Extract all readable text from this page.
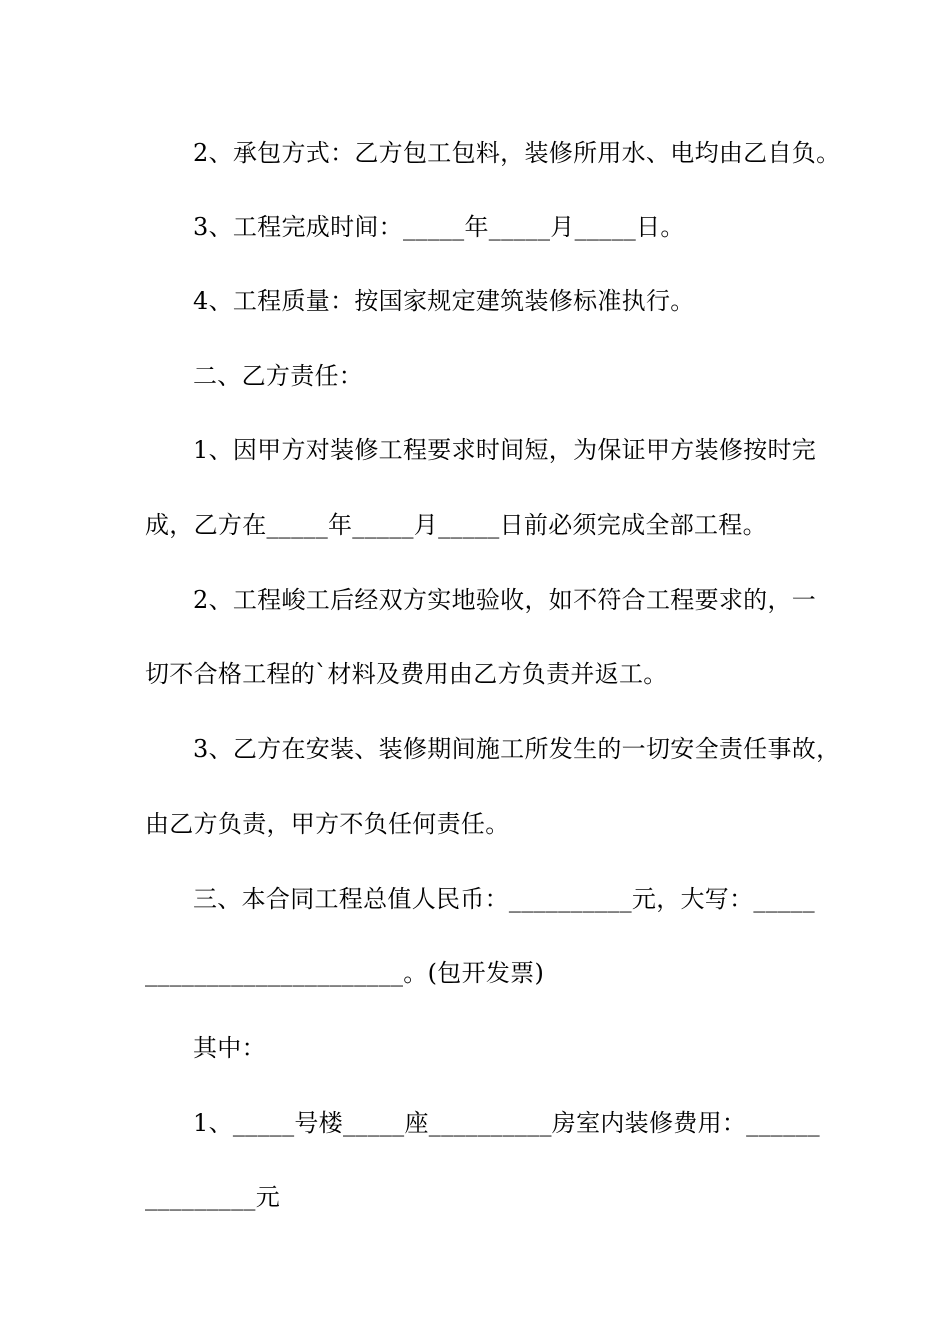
2、承包方式：乙方包工包料，装修所用水、电均由乙自负。
3、工程完成时间：_____年_____月_____日。
4、工程质量：按国家规定建筑装修标准执行。
二、乙方责任：
1、因甲方对装修工程要求时间短，为保证甲方装修按时完
成，乙方在_____年_____月_____日前必须完成全部工程。
2、工程峻工后经双方实地验收，如不符合工程要求的，一
切不合格工程的`材料及费用由乙方负责并返工。
3、乙方在安装、装修期间施工所发生的一切安全责任事故，
由乙方负责，甲方不负任何责任。
三、本合同工程总值人民币：__________元，大写：_____
_____________________。(包开发票)
其中：
1、_____号楼_____座__________房室内装修费用：______
_________元
